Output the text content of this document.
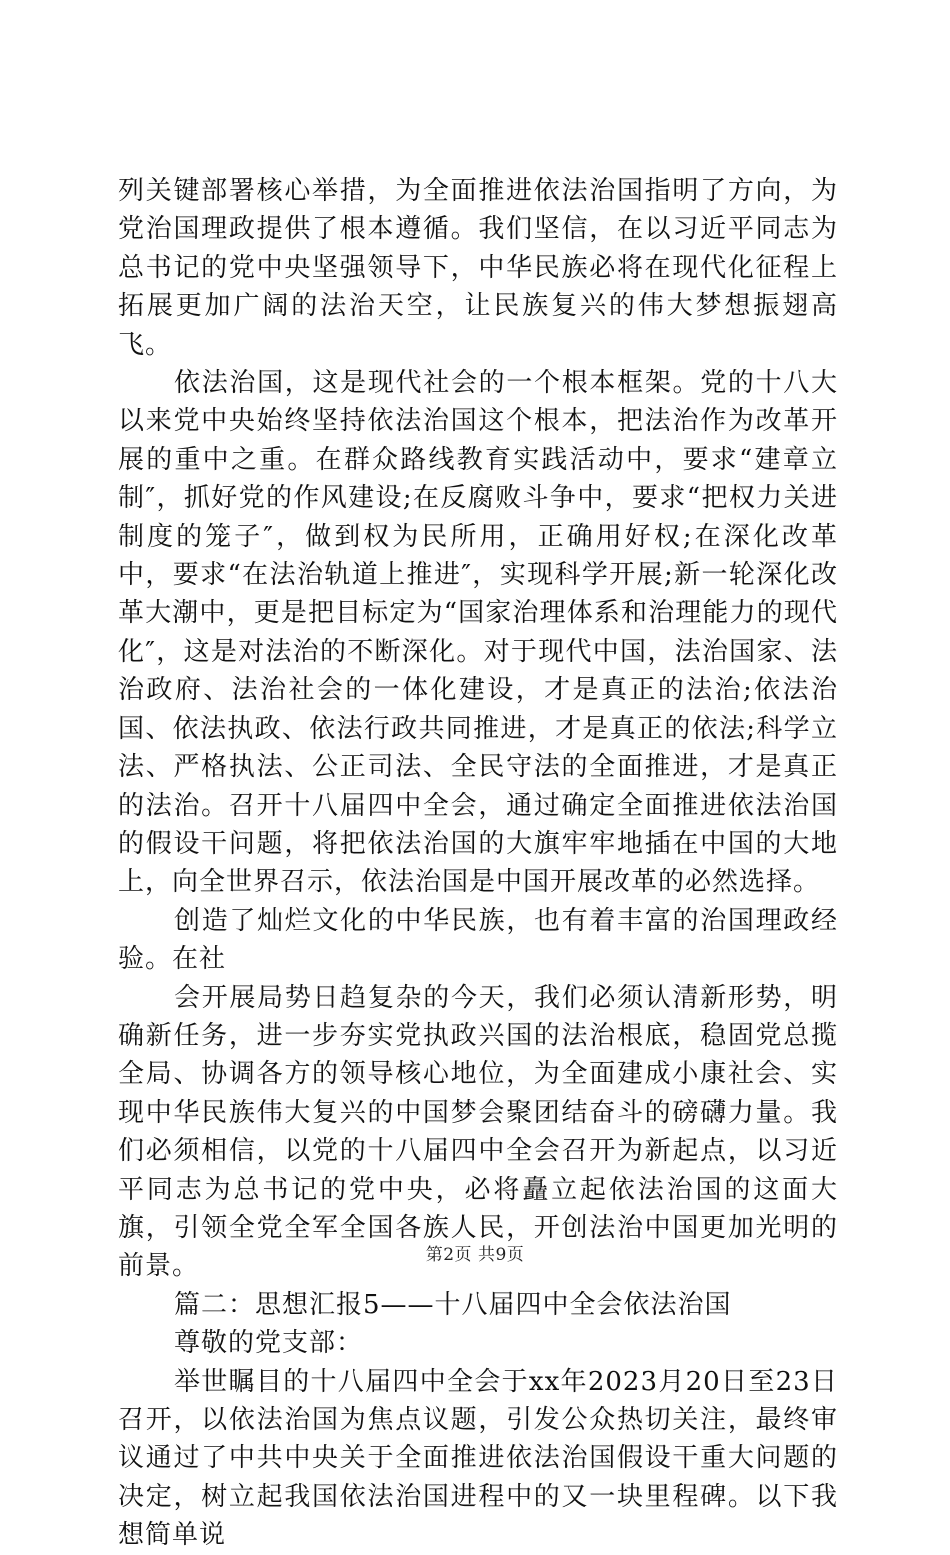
列关键部署核心举措，为全面推进依法治国指明了方向，为党治国理政提供了根本遵循。我们坚信，在以习近平同志为总书记的党中央坚强领导下，中华民族必将在现代化征程上拓展更加广阔的法治天空，让民族复兴的伟大梦想振翅高飞。

依法治国，这是现代社会的一个根本框架。党的十八大以来党中央始终坚持依法治国这个根本，把法治作为改革开展的重中之重。在群众路线教育实践活动中，要求“建章立制″，抓好党的作风建设;在反腐败斗争中，要求“把权力关进制度的笼子″，做到权为民所用，正确用好权;在深化改革中，要求“在法治轨道上推进″，实现科学开展;新一轮深化改革大潮中，更是把目标定为“国家治理体系和治理能力的现代化″，这是对法治的不断深化。对于现代中国，法治国家、法治政府、法治社会的一体化建设，才是真正的法治;依法治国、依法执政、依法行政共同推进，才是真正的依法;科学立法、严格执法、公正司法、全民守法的全面推进，才是真正的法治。召开十八届四中全会，通过确定全面推进依法治国的假设干问题，将把依法治国的大旗牢牢地插在中国的大地上，向全世界召示，依法治国是中国开展改革的必然选择。

创造了灿烂文化的中华民族，也有着丰富的治国理政经验。在社

会开展局势日趋复杂的今天，我们必须认清新形势，明确新任务，进一步夯实党执政兴国的法治根底，稳固党总揽全局、协调各方的领导核心地位，为全面建成小康社会、实现中华民族伟大复兴的中国梦会聚团结奋斗的磅礴力量。我们必须相信，以党的十八届四中全会召开为新起点，以习近平同志为总书记的党中央，必将矗立起依法治国的这面大旗，引领全党全军全国各族人民，开创法治中国更加光明的前景。

篇二：思想汇报5——十八届四中全会依法治国

尊敬的党支部：

举世瞩目的十八届四中全会于xx年2023月20日至23日召开，以依法治国为焦点议题，引发公众热切关注，最终审议通过了中共中央关于全面推进依法治国假设干重大问题的决定，树立起我国依法治国进程中的又一块里程碑。以下我想简单说

第2页 共9页
